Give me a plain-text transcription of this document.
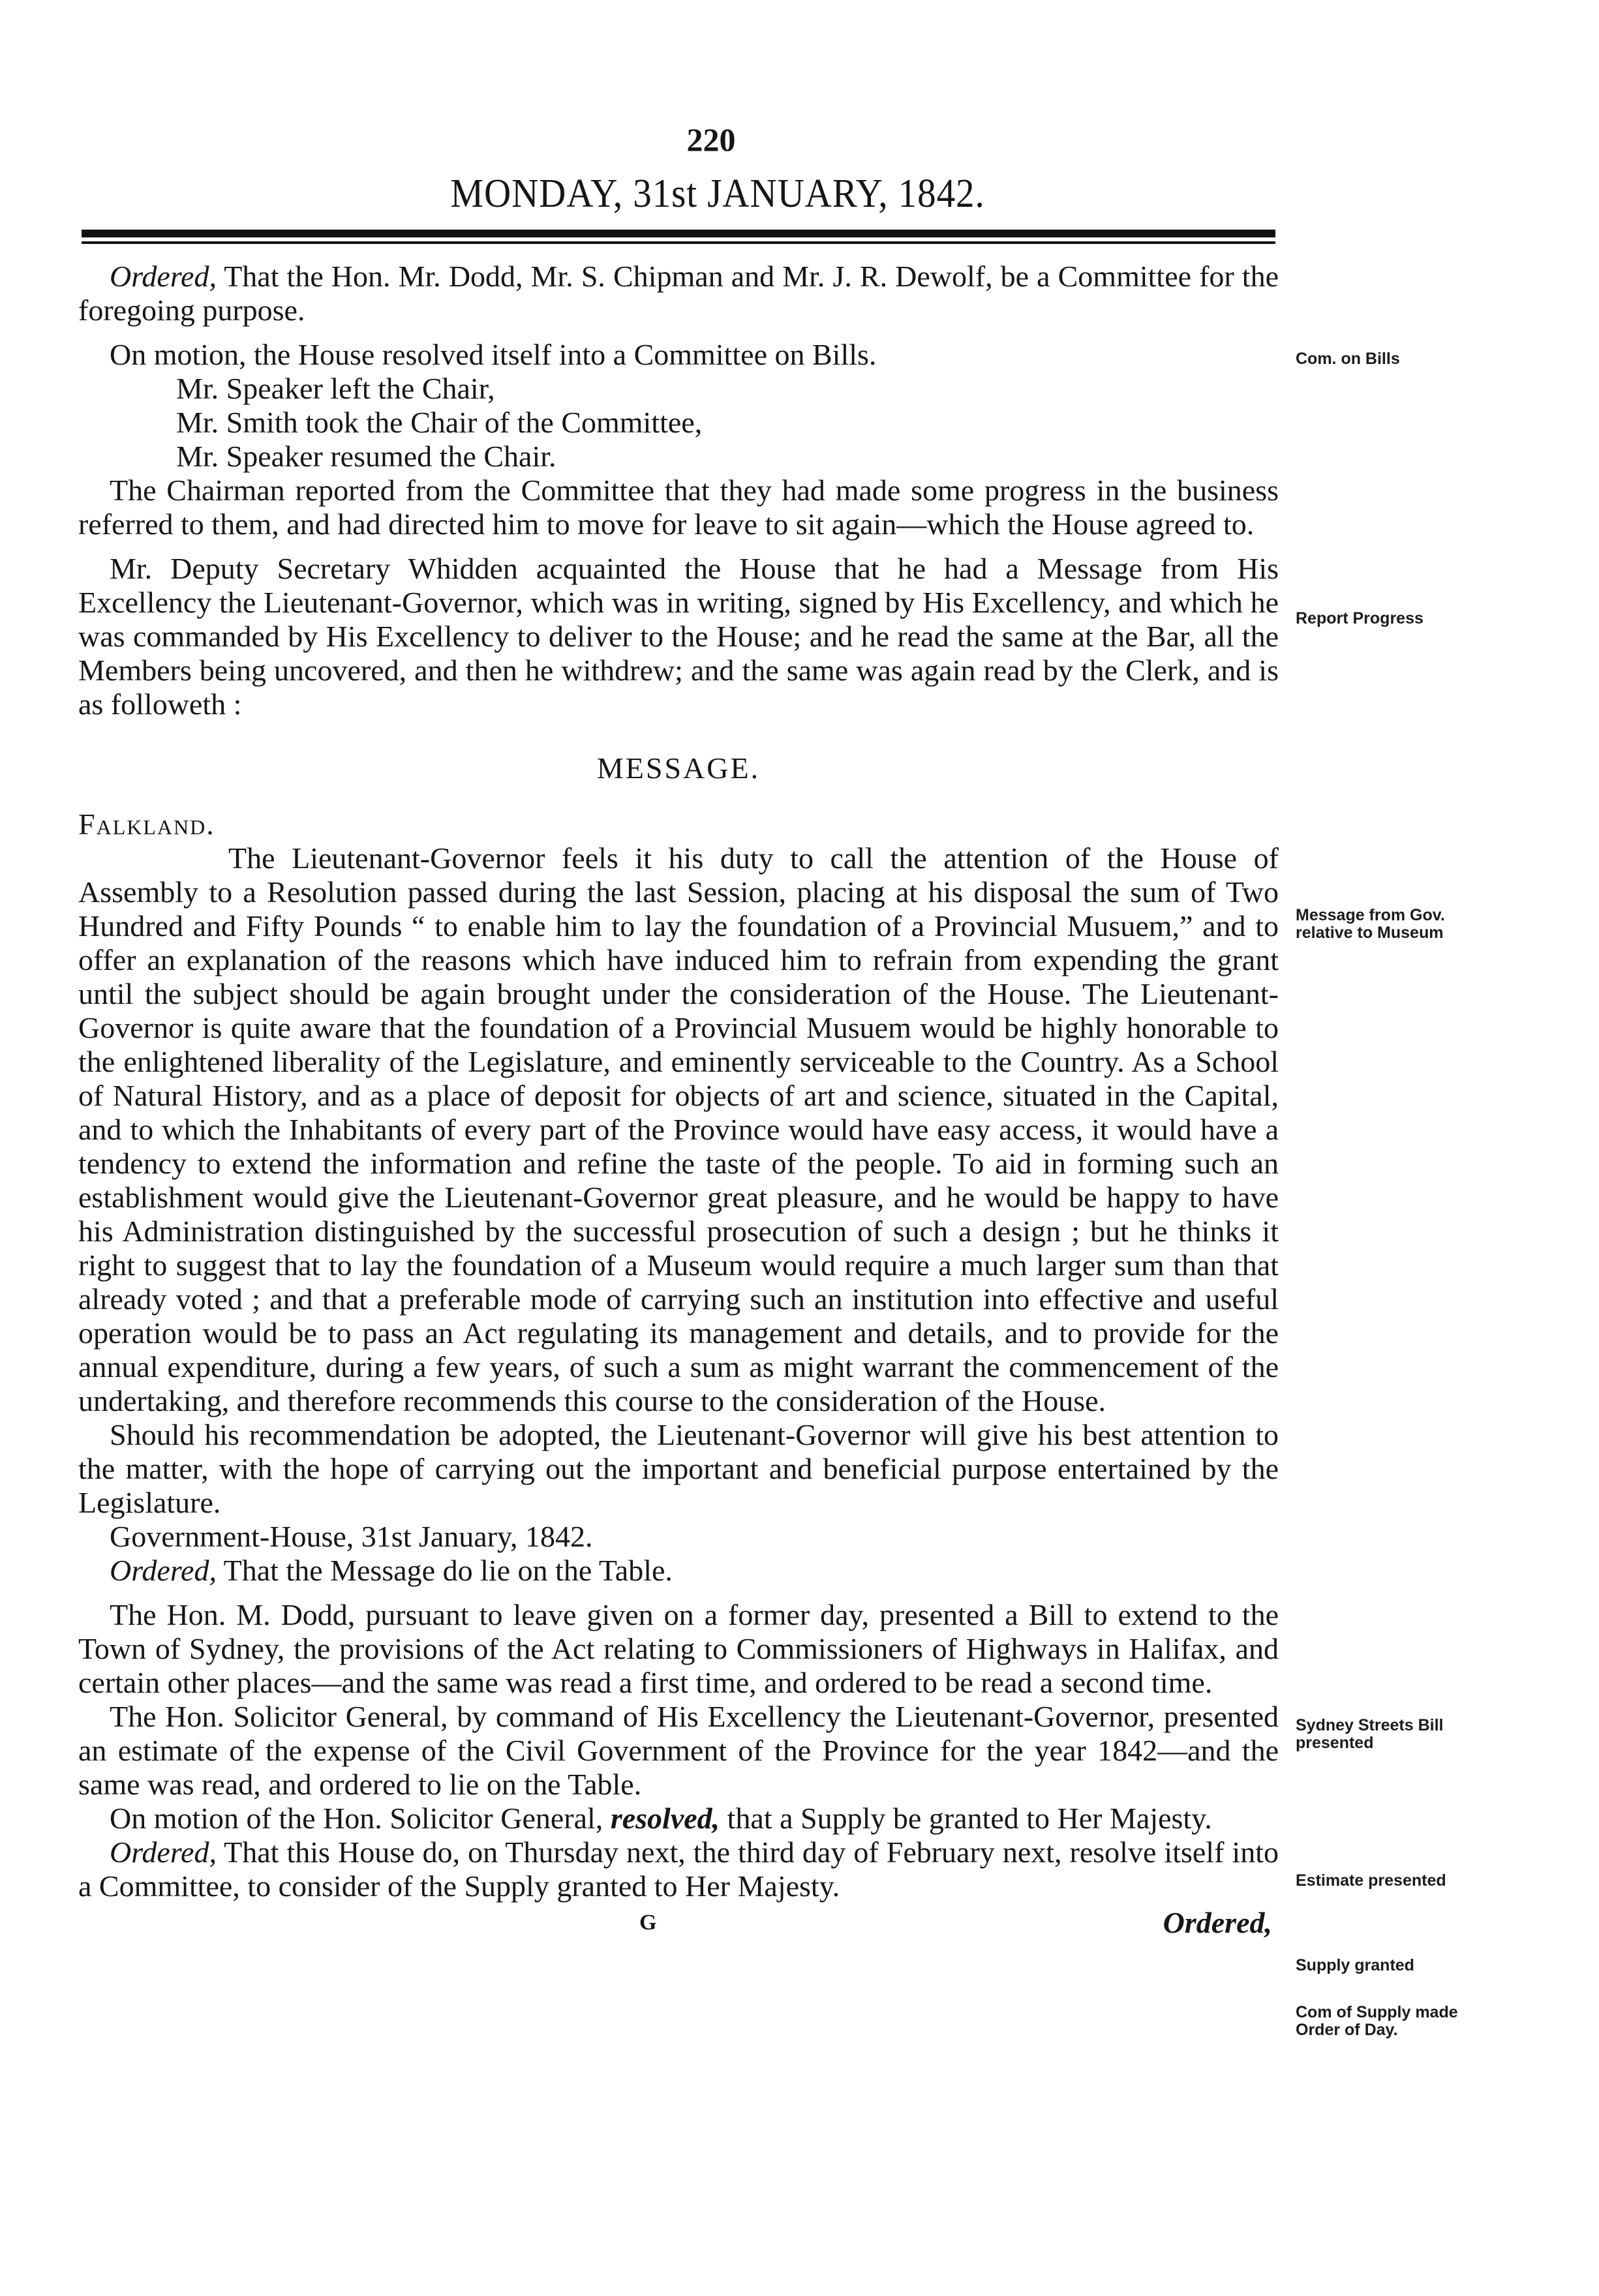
220
MONDAY, 31st JANUARY, 1842.

Ordered, That the Hon. Mr. Dodd, Mr. S. Chipman and Mr. J. R. Dewolf, be a Committee for the foregoing purpose.

On motion, the House resolved itself into a Committee on Bills.

Mr. Speaker left the Chair,

Mr. Smith took the Chair of the Committee,

Mr. Speaker resumed the Chair.

The Chairman reported from the Committee that they had made some progress in the business referred to them, and had directed him to move for leave to sit again—which the House agreed to.

Mr. Deputy Secretary Whidden acquainted the House that he had a Message from His Excellency the Lieutenant-Governor, which was in writing, signed by His Excellency, and which he was commanded by His Excellency to deliver to the House; and he read the same at the Bar, all the Members being uncovered, and then he withdrew; and the same was again read by the Clerk, and is as followeth :

MESSAGE.

Falkland.

The Lieutenant-Governor feels it his duty to call the attention of the House of Assembly to a Resolution passed during the last Session, placing at his disposal the sum of Two Hundred and Fifty Pounds “ to enable him to lay the foundation of a Provincial Musuem,” and to offer an explanation of the reasons which have induced him to refrain from expending the grant until the subject should be again brought under the consideration of the House. The Lieutenant-Governor is quite aware that the foundation of a Provincial Musuem would be highly honorable to the enlightened liberality of the Legislature, and eminently serviceable to the Country. As a School of Natural History, and as a place of deposit for objects of art and science, situated in the Capital, and to which the Inhabitants of every part of the Province would have easy access, it would have a tendency to extend the information and refine the taste of the people. To aid in forming such an establishment would give the Lieutenant-Governor great pleasure, and he would be happy to have his Administration distinguished by the successful prosecution of such a design ; but he thinks it right to suggest that to lay the foundation of a Museum would require a much larger sum than that already voted ; and that a preferable mode of carrying such an institution into effective and useful operation would be to pass an Act regulating its management and details, and to provide for the annual expenditure, during a few years, of such a sum as might warrant the commencement of the undertaking, and therefore recommends this course to the consideration of the House.

Should his recommendation be adopted, the Lieutenant-Governor will give his best attention to the matter, with the hope of carrying out the important and beneficial purpose entertained by the Legislature.

Government-House, 31st January, 1842.

Ordered, That the Message do lie on the Table.

The Hon. M. Dodd, pursuant to leave given on a former day, presented a Bill to extend to the Town of Sydney, the provisions of the Act relating to Commissioners of Highways in Halifax, and certain other places—and the same was read a first time, and ordered to be read a second time.

The Hon. Solicitor General, by command of His Excellency the Lieutenant-Governor, presented an estimate of the expense of the Civil Government of the Province for the year 1842—and the same was read, and ordered to lie on the Table.

On motion of the Hon. Solicitor General, resolved, that a Supply be granted to Her Majesty.

Ordered, That this House do, on Thursday next, the third day of February next, resolve itself into a Committee, to consider of the Supply granted to Her Majesty.

G	Ordered,
Com. on Bills
Report Progress
Message from Gov. relative to Museum
Sydney Streets Bill presented
Estimate presented
Supply granted
Com of Supply made Order of Day.
